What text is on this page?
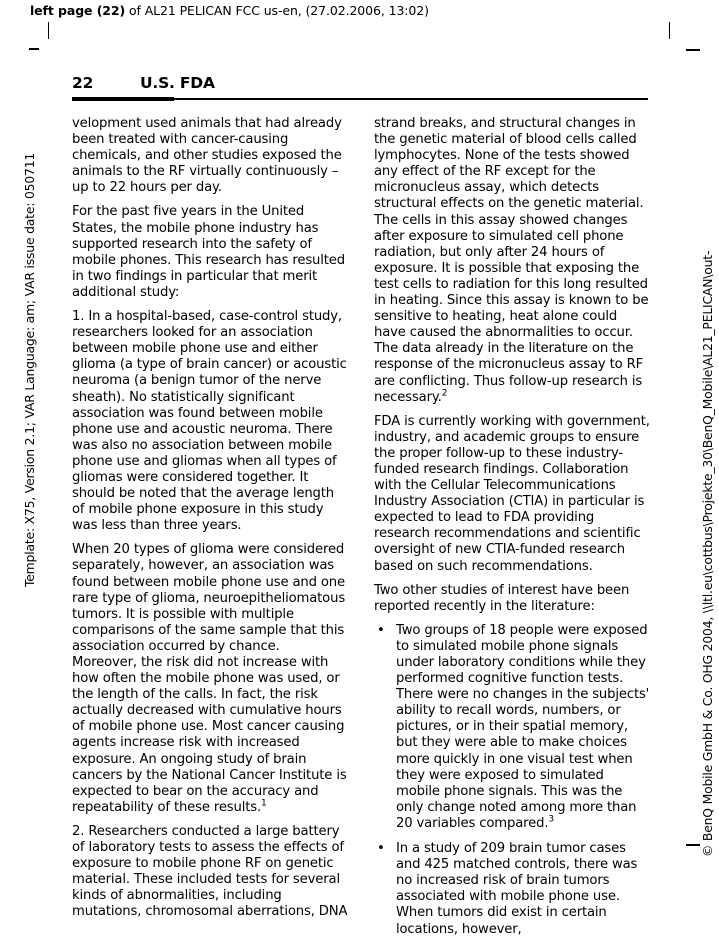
left page (22) of AL21 PELICAN FCC us-en, (27.02.2006, 13:02)
Template: X75, Version 2.1; VAR Language: am; VAR issue date: 050711	© BenQ Mobile GmbH & Co. OHG 2004, \\ltl.eu\cottbus\Projekte_30\BenQ_Mobile\AL21_PELICAN\out-
22	U.S. FDA

velopment used animals that had already been treated with cancer-causing chemicals, and other studies exposed the animals to the RF virtually continuously – up to 22 hours per day.

For the past five years in the United States, the mobile phone industry has supported research into the safety of mobile phones. This research has resulted in two findings in particular that merit additional study:

1. In a hospital-based, case-control study, researchers looked for an association between mobile phone use and either glioma (a type of brain cancer) or acoustic neuroma (a benign tumor of the nerve sheath). No statistically significant association was found between mobile phone use and acoustic neuroma. There was also no association between mobile phone use and gliomas when all types of gliomas were considered together. It should be noted that the average length of mobile phone exposure in this study was less than three years.

When 20 types of glioma were considered separately, however, an association was found between mobile phone use and one rare type of glioma, neuroepitheliomatous tumors. It is possible with multiple comparisons of the same sample that this association occurred by chance. Moreover, the risk did not increase with how often the mobile phone was used, or the length of the calls. In fact, the risk actually decreased with cumulative hours of mobile phone use. Most cancer causing agents increase risk with increased exposure. An ongoing study of brain cancers by the National Cancer Institute is expected to bear on the accuracy and repeatability of these results.$^1$

2. Researchers conducted a large battery of laboratory tests to assess the effects of exposure to mobile phone RF on genetic material. These included tests for several kinds of abnormalities, including mutations, chromosomal aberrations, DNA

strand breaks, and structural changes in the genetic material of blood cells called lymphocytes. None of the tests showed any effect of the RF except for the micronucleus assay, which detects structural effects on the genetic material. The cells in this assay showed changes after exposure to simulated cell phone radiation, but only after 24 hours of exposure. It is possible that exposing the test cells to radiation for this long resulted in heating. Since this assay is known to be sensitive to heating, heat alone could have caused the abnormalities to occur. The data already in the literature on the response of the micronucleus assay to RF are conflicting. Thus follow-up research is necessary.$^2$

FDA is currently working with government, industry, and academic groups to ensure the proper follow-up to these industry-funded research findings. Collaboration with the Cellular Telecommunications Industry Association (CTIA) in particular is expected to lead to FDA providing research recommendations and scientific oversight of new CTIA-funded research based on such recommendations.

Two other studies of interest have been reported recently in the literature:

• Two groups of 18 people were exposed to simulated mobile phone signals under laboratory conditions while they performed cognitive function tests. There were no changes in the subjects' ability to recall words, numbers, or pictures, or in their spatial memory, but they were able to make choices more quickly in one visual test when they were exposed to simulated mobile phone signals. This was the only change noted among more than 20 variables compared.$^3$
• In a study of 209 brain tumor cases and 425 matched controls, there was no increased risk of brain tumors associated with mobile phone use. When tumors did exist in certain locations, however,
